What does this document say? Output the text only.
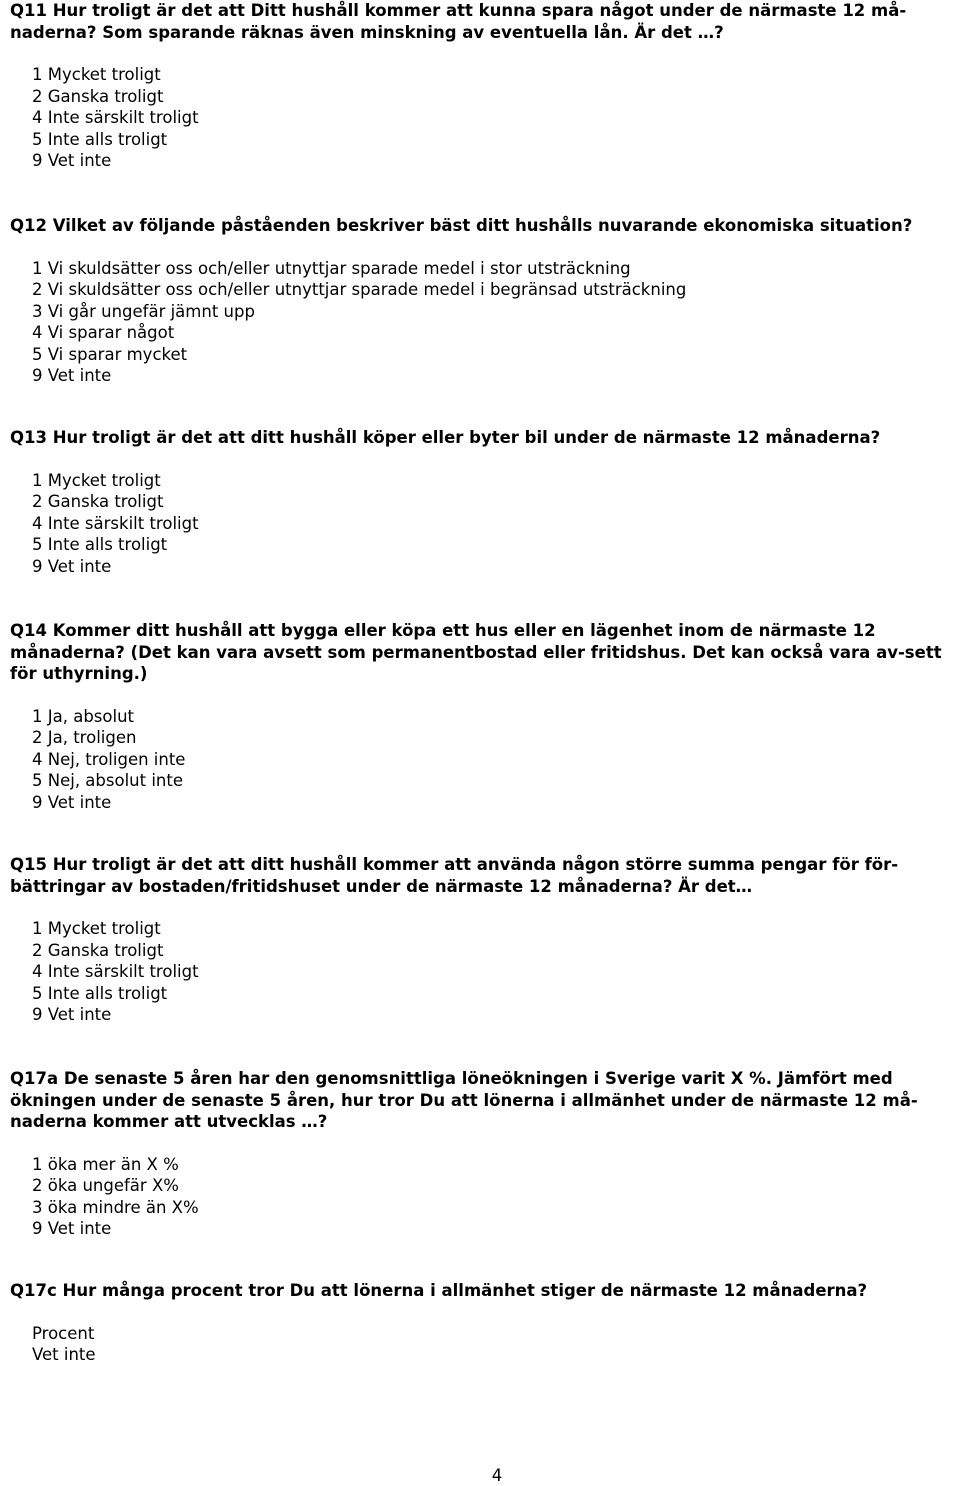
Q11 Hur troligt är det att Ditt hushåll kommer att kunna spara något under de närmaste 12 må-naderna? Som sparande räknas även minskning av eventuella lån. Är det …?

1 Mycket troligt
2 Ganska troligt
4 Inte särskilt troligt
5 Inte alls troligt
9 Vet inte

Q12 Vilket av följande påståenden beskriver bäst ditt hushålls nuvarande ekonomiska situation?

1 Vi skuldsätter oss och/eller utnyttjar sparade medel i stor utsträckning
2 Vi skuldsätter oss och/eller utnyttjar sparade medel i begränsad utsträckning
3 Vi går ungefär jämnt upp
4 Vi sparar något
5 Vi sparar mycket
9 Vet inte

Q13 Hur troligt är det att ditt hushåll köper eller byter bil under de närmaste 12 månaderna?

1 Mycket troligt
2 Ganska troligt
4 Inte särskilt troligt
5 Inte alls troligt
9 Vet inte

Q14 Kommer ditt hushåll att bygga eller köpa ett hus eller en lägenhet inom de närmaste 12 månaderna? (Det kan vara avsett som permanentbostad eller fritidshus. Det kan också vara av-sett för uthyrning.)

1 Ja, absolut
2 Ja, troligen
4 Nej, troligen inte
5 Nej, absolut inte
9 Vet inte

Q15 Hur troligt är det att ditt hushåll kommer att använda någon större summa pengar för för-bättringar av bostaden/fritidshuset under de närmaste 12 månaderna? Är det…

1 Mycket troligt
2 Ganska troligt
4 Inte särskilt troligt
5 Inte alls troligt
9 Vet inte

Q17a De senaste 5 åren har den genomsnittliga löneökningen i Sverige varit X %. Jämfört med ökningen under de senaste 5 åren, hur tror Du att lönerna i allmänhet under de närmaste 12 må-naderna kommer att utvecklas …?

1 öka mer än X %
2 öka ungefär X%
3 öka mindre än X%
9 Vet inte

Q17c Hur många procent tror Du att lönerna i allmänhet stiger de närmaste 12 månaderna?

Procent
Vet inte
4
